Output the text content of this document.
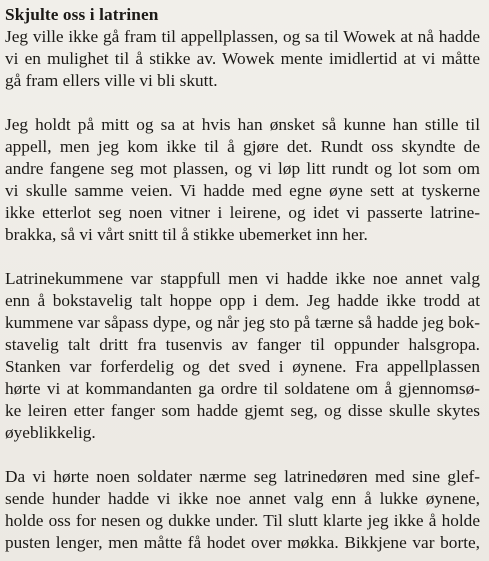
Skjulte oss i latrinen
Jeg ville ikke gå fram til appellplassen, og sa til Wowek at nå hadde
vi en mulighet til å stikke av. Wowek mente imidlertid at vi måtte
gå fram ellers ville vi bli skutt.
Jeg holdt på mitt og sa at hvis han ønsket så kunne han stille til
appell, men jeg kom ikke til å gjøre det. Rundt oss skyndte de
andre fangene seg mot plassen, og vi løp litt rundt og lot som om
vi skulle samme veien. Vi hadde med egne øyne sett at tyskerne
ikke etterlot seg noen vitner i leirene, og idet vi passerte latrine-
brakka, så vi vårt snitt til å stikke ubemerket inn her.
Latrinekummene var stappfull men vi hadde ikke noe annet valg
enn å bokstavelig talt hoppe opp i dem. Jeg hadde ikke trodd at
kummene var såpass dype, og når jeg sto på tærne så hadde jeg bok-
stavelig talt dritt fra tusenvis av fanger til oppunder halsgropa.
Stanken var forferdelig og det sved i øynene. Fra appellplassen
hørte vi at kommandanten ga ordre til soldatene om å gjennomsø-
ke leiren etter fanger som hadde gjemt seg, og disse skulle skytes
øyeblikkelig.
Da vi hørte noen soldater nærme seg latrinedøren med sine glef-
sende hunder hadde vi ikke noe annet valg enn å lukke øynene,
holde oss for nesen og dukke under. Til slutt klarte jeg ikke å holde
pusten lenger, men måtte få hodet over møkka. Bikkjene var borte,
